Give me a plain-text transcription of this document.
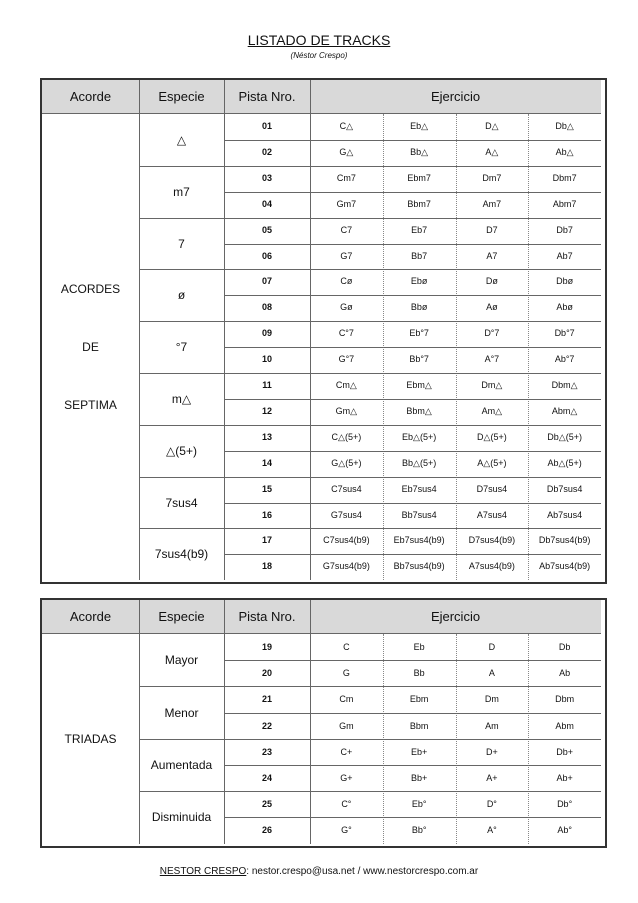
LISTADO DE TRACKS
(Néstor Crespo)
Acorde	Especie	Pista Nro.	Ejercicio
ACORDES
DE
SEPTIMA
△
01	C△	Eb△	D△	Db△
02	G△	Bb△	A△	Ab△
m7
03	Cm7	Ebm7	Dm7	Dbm7
04	Gm7	Bbm7	Am7	Abm7
7
05	C7	Eb7	D7	Db7
06	G7	Bb7	A7	Ab7
ø
07	Cø	Ebø	Dø	Dbø
08	Gø	Bbø	Aø	Abø
°7
09	C°7	Eb°7	D°7	Db°7
10	G°7	Bb°7	A°7	Ab°7
m△
11	Cm△	Ebm△	Dm△	Dbm△
12	Gm△	Bbm△	Am△	Abm△
△(5+)
13	C△(5+)	Eb△(5+)	D△(5+)	Db△(5+)
14	G△(5+)	Bb△(5+)	A△(5+)	Ab△(5+)
7sus4
15	C7sus4	Eb7sus4	D7sus4	Db7sus4
16	G7sus4	Bb7sus4	A7sus4	Ab7sus4
7sus4(b9)
17	C7sus4(b9)	Eb7sus4(b9)	D7sus4(b9)	Db7sus4(b9)
18	G7sus4(b9)	Bb7sus4(b9)	A7sus4(b9)	Ab7sus4(b9)
Acorde	Especie	Pista Nro.	Ejercicio
TRIADAS
Mayor
19	C	Eb	D	Db
20	G	Bb	A	Ab
Menor
21	Cm	Ebm	Dm	Dbm
22	Gm	Bbm	Am	Abm
Aumentada
23	C+	Eb+	D+	Db+
24	G+	Bb+	A+	Ab+
Disminuida
25	C°	Eb°	D°	Db°
26	G°	Bb°	A°	Ab°
NESTOR CRESPO: nestor.crespo@usa.net / www.nestorcrespo.com.ar
